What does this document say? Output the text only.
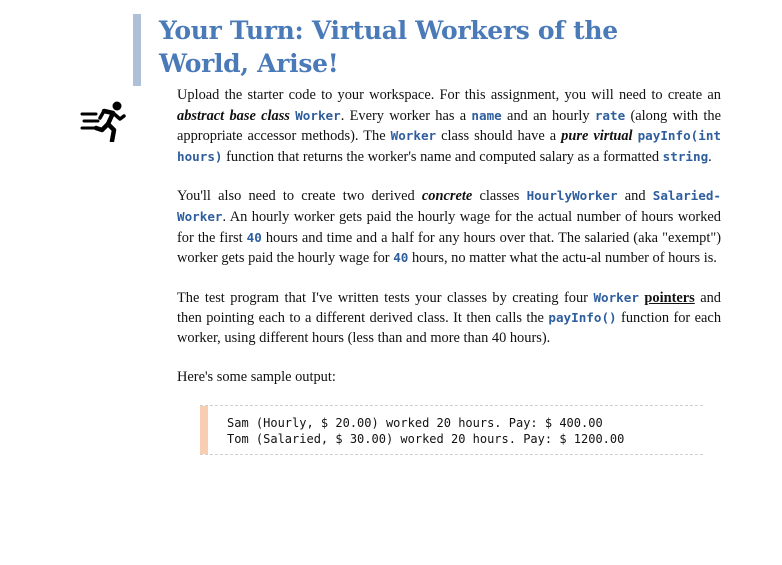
Your Turn: Virtual Workers of the
World, Arise!

Upload the starter code to your workspace. For this assignment, you will need to create an abstract base class Worker. Every worker has a name and an hourly rate (along with the appropriate accessor methods). The Worker class should have a pure virtual payInfo(int hours) function that returns the worker's name and computed salary as a formatted string.

You'll also need to create two derived concrete classes HourlyWorker and Salaried-Worker. An hourly worker gets paid the hourly wage for the actual number of hours worked for the first 40 hours and time and a half for any hours over that. The salaried (aka "exempt") worker gets paid the hourly wage for 40 hours, no matter what the actu-al number of hours is.

The test program that I've written tests your classes by creating four Worker pointers and then pointing each to a different derived class. It then calls the payInfo() function for each worker, using different hours (less than and more than 40 hours).

Here's some sample output:

Sam (Hourly, $ 20.00) worked 20 hours. Pay: $ 400.00
Tom (Salaried, $ 30.00) worked 20 hours. Pay: $ 1200.00
